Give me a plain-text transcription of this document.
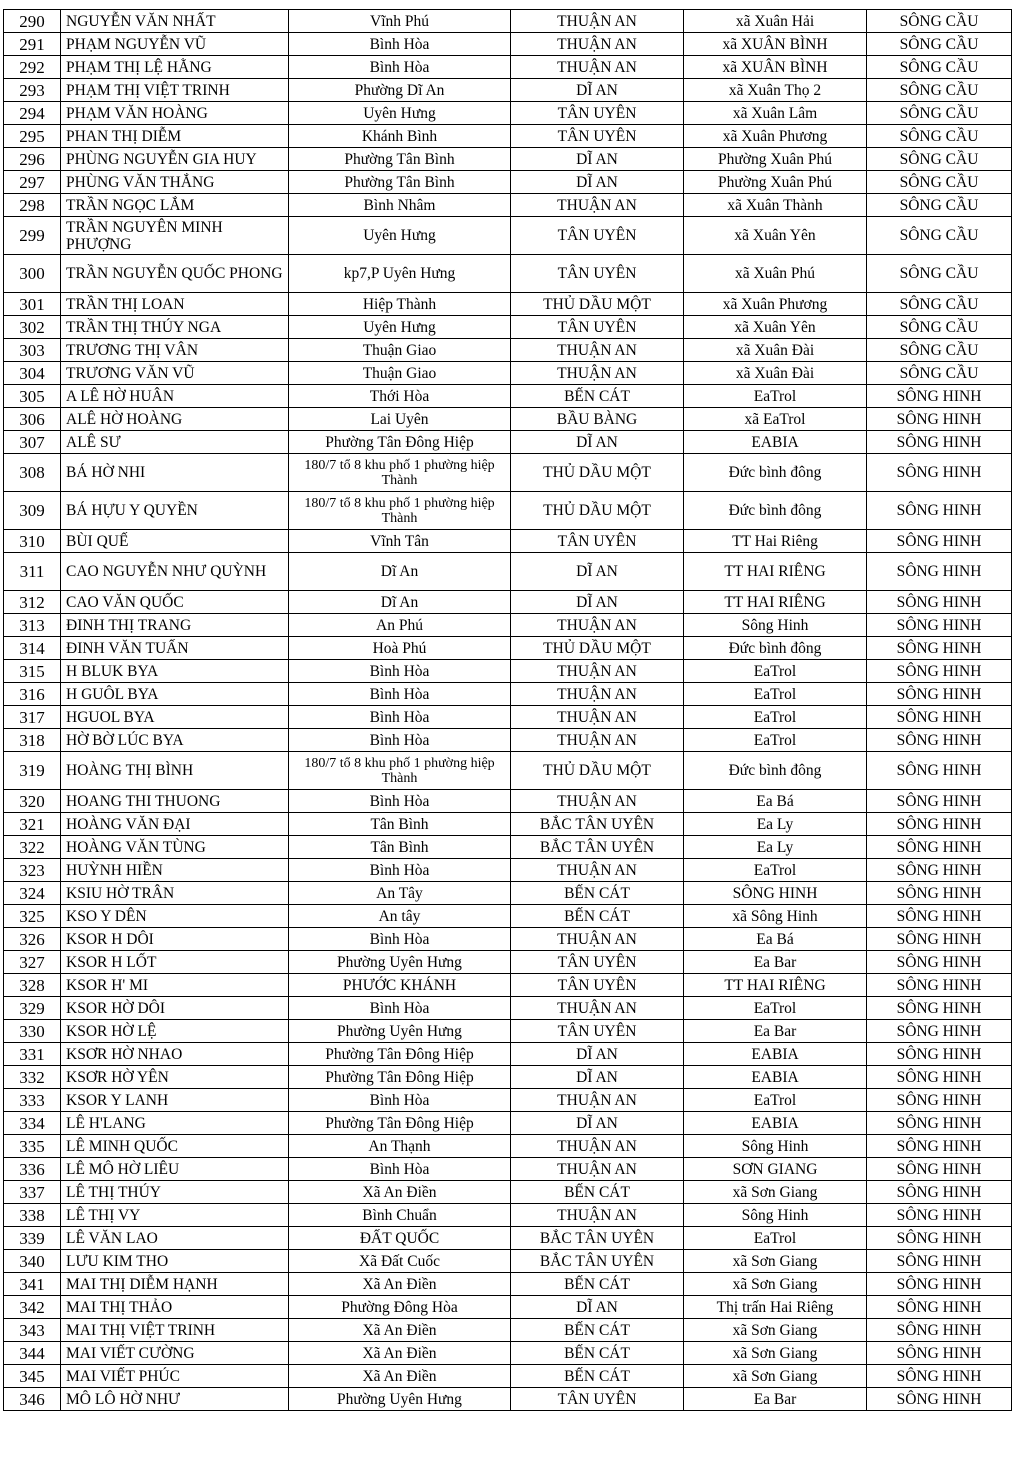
290	NGUYỄN VĂN NHẤT	Vĩnh Phú	THUẬN AN	xã Xuân Hải	SÔNG CẦU
291	PHẠM NGUYỄN VŨ	Bình Hòa	THUẬN AN	xã XUÂN BÌNH	SÔNG CẦU
292	PHẠM THỊ LỆ HẰNG	Bình Hòa	THUẬN AN	xã XUÂN BÌNH	SÔNG CẦU
293	PHẠM THỊ VIỆT TRINH	Phường Dĩ An	DĨ AN	xã Xuân Thọ 2	SÔNG CẦU
294	PHẠM VĂN HOÀNG	Uyên Hưng	TÂN UYÊN	xã Xuân Lâm	SÔNG CẦU
295	PHAN THỊ DIỄM	Khánh Bình	TÂN UYÊN	xã Xuân Phương	SÔNG CẦU
296	PHÙNG NGUYỄN GIA HUY	Phường Tân Bình	DĨ AN	Phường Xuân Phú	SÔNG CẦU
297	PHÙNG VĂN THẮNG	Phường Tân Bình	DĨ AN	Phường Xuân Phú	SÔNG CẦU
298	TRẦN NGỌC LẮM	Bình Nhâm	THUẬN AN	xã Xuân Thành	SÔNG CẦU
299	TRẦN NGUYÊN MINH PHƯỢNG	Uyên Hưng	TÂN UYÊN	xã Xuân Yên	SÔNG CẦU
300	TRẦN NGUYỄN QUỐC PHONG	kp7,P Uyên Hưng	TÂN UYÊN	xã Xuân Phú	SÔNG CẦU
301	TRẦN THỊ LOAN	Hiệp Thành	THỦ DẦU MỘT	xã Xuân Phương	SÔNG CẦU
302	TRẦN THỊ THÚY NGA	Uyên Hưng	TÂN UYÊN	xã Xuân Yên	SÔNG CẦU
303	TRƯƠNG THỊ VÂN	Thuận Giao	THUẬN AN	xã Xuân Đài	SÔNG CẦU
304	TRƯƠNG VĂN VŨ	Thuận Giao	THUẬN AN	xã Xuân Đài	SÔNG CẦU
305	A LÊ HỜ HUÂN	Thới Hòa	BẾN CÁT	EaTrol	SÔNG HINH
306	ALÊ HỜ HOÀNG	Lai Uyên	BẦU BÀNG	xã EaTrol	SÔNG HINH
307	ALÊ SƯ	Phường Tân Đông Hiệp	DĨ AN	EABIA	SÔNG HINH
308	BÁ HỜ NHI	180/7 tổ 8 khu phố 1 phường hiệp Thành	THỦ DẦU MỘT	Đức bình đông	SÔNG HINH
309	BÁ HỰU Y QUYỀN	180/7 tổ 8 khu phố 1 phường hiệp Thành	THỦ DẦU MỘT	Đức bình đông	SÔNG HINH
310	BÙI QUẾ	Vĩnh Tân	TÂN UYÊN	TT Hai Riêng	SÔNG HINH
311	CAO NGUYỄN NHƯ QUỲNH	Dĩ An	DĨ AN	TT HAI RIÊNG	SÔNG HINH
312	CAO VĂN QUỐC	Dĩ An	DĨ AN	TT HAI RIÊNG	SÔNG HINH
313	ĐINH THỊ TRANG	An Phú	THUẬN AN	Sông Hinh	SÔNG HINH
314	ĐINH VĂN TUẤN	Hoà Phú	THỦ DẦU MỘT	Đức bình đông	SÔNG HINH
315	H BLUK BYA	Bình Hòa	THUẬN AN	EaTrol	SÔNG HINH
316	H GUÔL BYA	Bình Hòa	THUẬN AN	EaTrol	SÔNG HINH
317	HGUOL BYA	Bình Hòa	THUẬN AN	EaTrol	SÔNG HINH
318	HỜ BỜ LÚC BYA	Bình Hòa	THUẬN AN	EaTrol	SÔNG HINH
319	HOÀNG THỊ BÌNH	180/7 tổ 8 khu phố 1 phường hiệp Thành	THỦ DẦU MỘT	Đức bình đông	SÔNG HINH
320	HOANG THI THUONG	Bình Hòa	THUẬN AN	Ea Bá	SÔNG HINH
321	HOÀNG VĂN ĐẠI	Tân Bình	BẮC TÂN UYÊN	Ea Ly	SÔNG HINH
322	HOÀNG VĂN TÙNG	Tân Bình	BẮC TÂN UYÊN	Ea Ly	SÔNG HINH
323	HUỲNH HIỀN	Bình Hòa	THUẬN AN	EaTrol	SÔNG HINH
324	KSIU HỜ TRÂN	An Tây	BẾN CÁT	SÔNG HINH	SÔNG HINH
325	KSO Y DÊN	An tây	BẾN CÁT	xã Sông Hinh	SÔNG HINH
326	KSOR H DÔI	Bình Hòa	THUẬN AN	Ea Bá	SÔNG HINH
327	KSOR H LỐT	Phường Uyên Hưng	TÂN UYÊN	Ea Bar	SÔNG HINH
328	KSOR H' MI	PHƯỚC KHÁNH	TÂN UYÊN	TT HAI RIÊNG	SÔNG HINH
329	KSOR HỜ DÔI	Bình Hòa	THUẬN AN	EaTrol	SÔNG HINH
330	KSOR HỜ LỆ	Phường Uyên Hưng	TÂN UYÊN	Ea Bar	SÔNG HINH
331	KSƠR HỜ NHAO	Phường Tân Đông Hiệp	DĨ AN	EABIA	SÔNG HINH
332	KSƠR HỜ YÊN	Phường Tân Đông Hiệp	DĨ AN	EABIA	SÔNG HINH
333	KSOR Y LANH	Bình Hòa	THUẬN AN	EaTrol	SÔNG HINH
334	LÊ H'LANG	Phường Tân Đông Hiệp	DĨ AN	EABIA	SÔNG HINH
335	LÊ MINH QUỐC	An Thạnh	THUẬN AN	Sông Hinh	SÔNG HINH
336	LÊ MÔ HỜ LIÊU	Bình Hòa	THUẬN AN	SƠN GIANG	SÔNG HINH
337	LÊ THỊ THÚY	Xã An Điền	BẾN CÁT	xã Sơn Giang	SÔNG HINH
338	LÊ THỊ VY	Bình Chuẩn	THUẬN AN	Sông Hinh	SÔNG HINH
339	LÊ VĂN LAO	ĐẤT QUỐC	BẮC TÂN UYÊN	EaTrol	SÔNG HINH
340	LƯU KIM THO	Xã Đất Cuốc	BẮC TÂN UYÊN	xã Sơn Giang	SÔNG HINH
341	MAI THỊ DIỄM HẠNH	Xã An Điền	BẾN CÁT	xã Sơn Giang	SÔNG HINH
342	MAI THỊ THẢO	Phường Đông Hòa	DĨ AN	Thị trấn Hai Riêng	SÔNG HINH
343	MAI THỊ VIỆT TRINH	Xã An Điền	BẾN CÁT	xã Sơn Giang	SÔNG HINH
344	MAI VIẾT CƯỜNG	Xã An Điền	BẾN CÁT	xã Sơn Giang	SÔNG HINH
345	MAI VIẾT PHÚC	Xã An Điền	BẾN CÁT	xã Sơn Giang	SÔNG HINH
346	MÔ LÔ HỜ NHƯ	Phường Uyên Hưng	TÂN UYÊN	Ea Bar	SÔNG HINH
